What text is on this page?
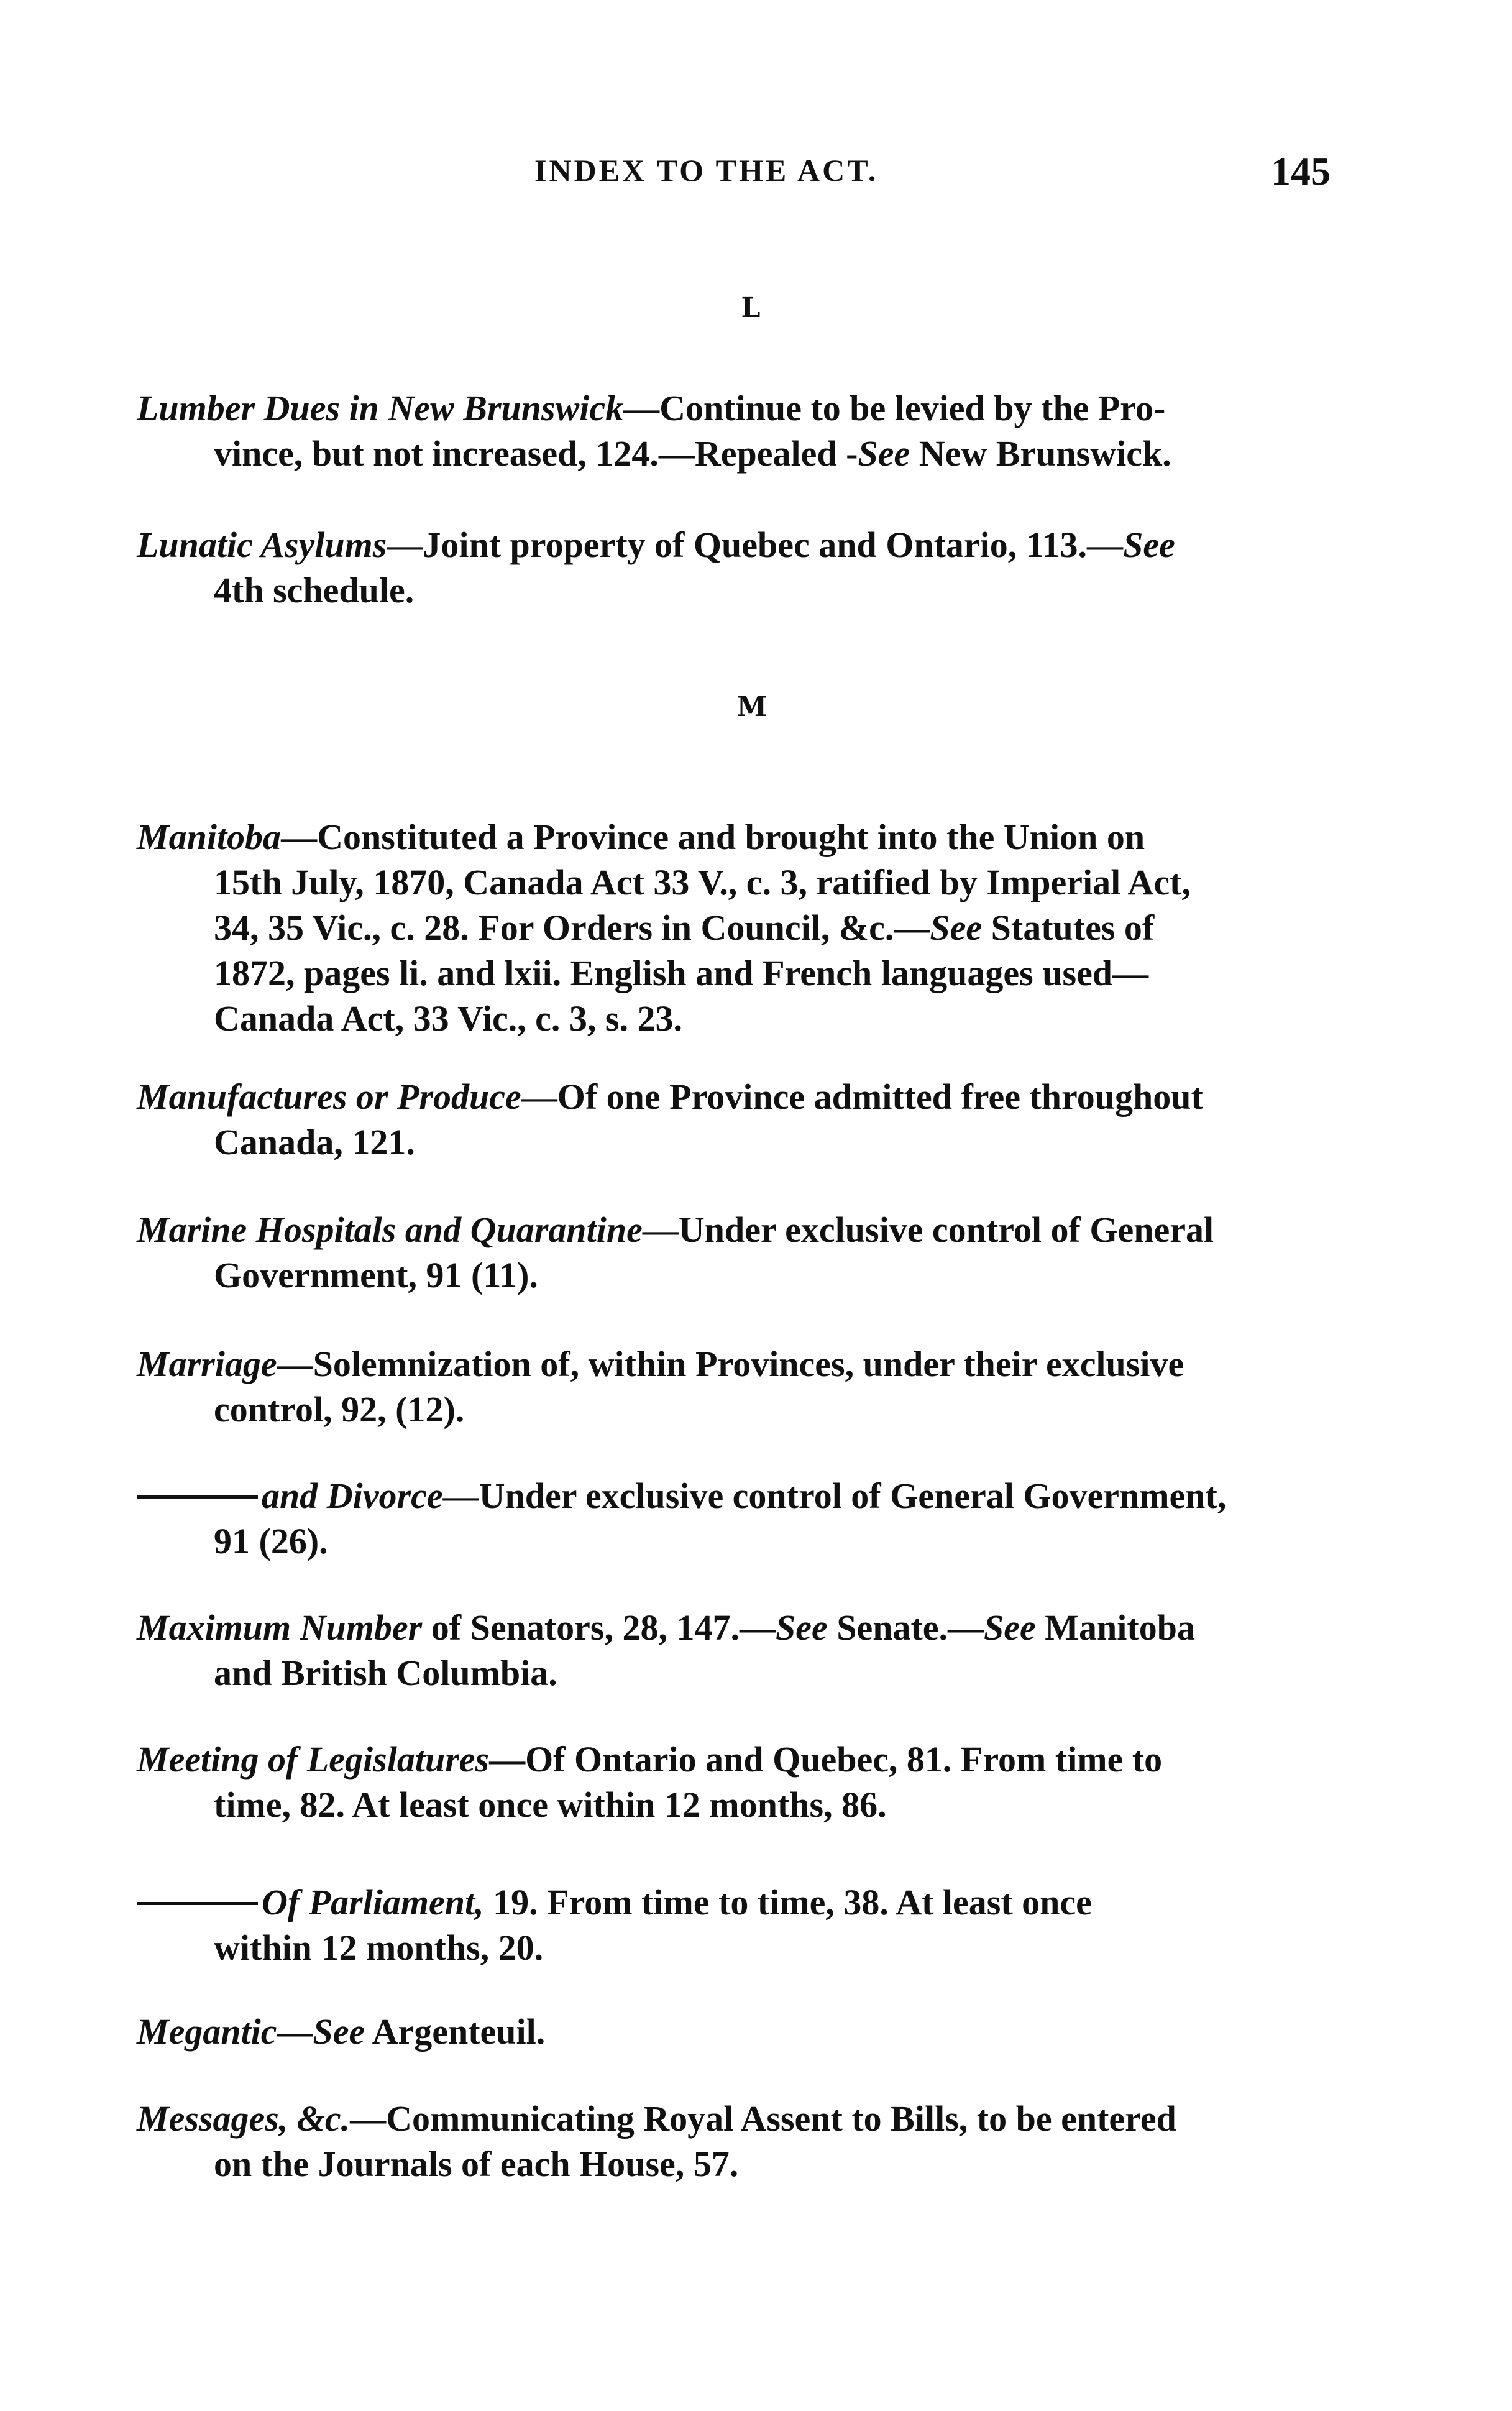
INDEX TO THE ACT.	145
L
Lumber Dues in New Brunswick—Continue to be levied by the Pro-
vince, but not increased, 124.—Repealed -See New Brunswick.
Lunatic Asylums—Joint property of Quebec and Ontario, 113.—See
4th schedule.
M
Manitoba—Constituted a Province and brought into the Union on
15th July, 1870, Canada Act 33 V., c. 3, ratified by Imperial Act,
34, 35 Vic., c. 28. For Orders in Council, &c.—See Statutes of
1872, pages li. and lxii. English and French languages used—
Canada Act, 33 Vic., c. 3, s. 23.
Manufactures or Produce—Of one Province admitted free throughout
Canada, 121.
Marine Hospitals and Quarantine—Under exclusive control of General
Government, 91 (11).
Marriage—Solemnization of, within Provinces, under their exclusive
control, 92, (12).
and Divorce—Under exclusive control of General Government,
91 (26).
Maximum Number of Senators, 28, 147.—See Senate.—See Manitoba
and British Columbia.
Meeting of Legislatures—Of Ontario and Quebec, 81. From time to
time, 82. At least once within 12 months, 86.
Of Parliament, 19. From time to time, 38. At least once
within 12 months, 20.
Megantic—See Argenteuil.
Messages, &c.—Communicating Royal Assent to Bills, to be entered
on the Journals of each House, 57.
